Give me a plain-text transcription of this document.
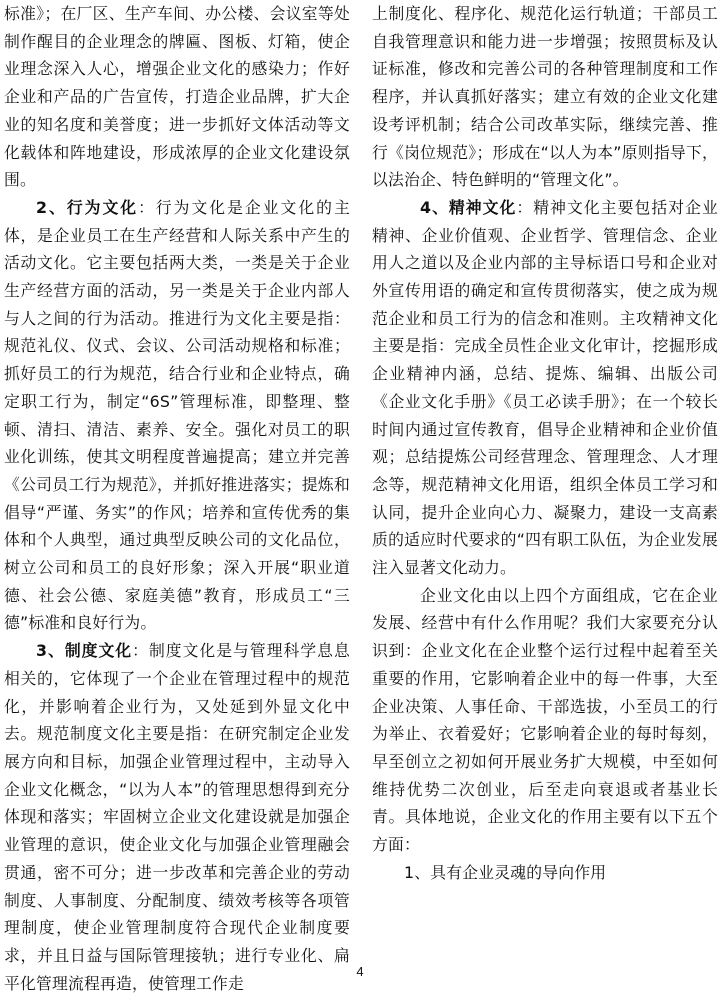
标准》；在厂区、生产车间、办公楼、会议室等处制作醒目的企业理念的牌匾、图板、灯箱，使企业理念深入人心，增强企业文化的感染力；作好企业和产品的广告宣传，打造企业品牌，扩大企业的知名度和美誉度；进一步抓好文体活动等文化载体和阵地建设，形成浓厚的企业文化建设氛围。

2、行为文化：行为文化是企业文化的主体，是企业员工在生产经营和人际关系中产生的活动文化。它主要包括两大类，一类是关于企业生产经营方面的活动，另一类是关于企业内部人与人之间的行为活动。推进行为文化主要是指：规范礼仪、仪式、会议、公司活动规格和标准；抓好员工的行为规范，结合行业和企业特点，确定职工行为，制定“6S”管理标准，即整理、整顿、清扫、清洁、素养、安全。强化对员工的职业化训练，使其文明程度普遍提高；建立并完善《公司员工行为规范》，并抓好推进落实；提炼和倡导“严谨、务实”的作风；培养和宣传优秀的集体和个人典型，通过典型反映公司的文化品位，树立公司和员工的良好形象；深入开展“职业道德、社会公德、家庭美德”教育，形成员工“三德”标准和良好行为。

3、制度文化：制度文化是与管理科学息息相关的，它体现了一个企业在管理过程中的规范化，并影响着企业行为，又处延到外显文化中去。规范制度文化主要是指：在研究制定企业发展方向和目标，加强企业管理过程中，主动导入企业文化概念，“以为人本”的管理思想得到充分体现和落实；牢固树立企业文化建设就是加强企业管理的意识，使企业文化与加强企业管理融会贯通，密不可分；进一步改革和完善企业的劳动制度、人事制度、分配制度、绩效考核等各项管理制度，使企业管理制度符合现代企业制度要求，并且日益与国际管理接轨；进行专业化、扁平化管理流程再造，使管理工作走

上制度化、程序化、规范化运行轨道；干部员工自我管理意识和能力进一步增强；按照贯标及认证标准，修改和完善公司的各种管理制度和工作程序，并认真抓好落实；建立有效的企业文化建设考评机制；结合公司改革实际，继续完善、推行《岗位规范》；形成在“以人为本”原则指导下，以法治企、特色鲜明的“管理文化”。

4、精神文化：精神文化主要包括对企业精神、企业价值观、企业哲学、管理信念、企业用人之道以及企业内部的主导标语口号和企业对外宣传用语的确定和宣传贯彻落实，使之成为规范企业和员工行为的信念和准则。主攻精神文化主要是指：完成全员性企业文化审计，挖掘形成企业精神内涵，总结、提炼、编辑、出版公司《企业文化手册》《员工必读手册》；在一个较长时间内通过宣传教育，倡导企业精神和企业价值观；总结提炼公司经营理念、管理理念、人才理念等，规范精神文化用语，组织全体员工学习和认同，提升企业向心力、凝聚力，建设一支高素质的适应时代要求的“四有职工队伍，为企业发展注入显著文化动力。

企业文化由以上四个方面组成，它在企业发展、经营中有什么作用呢？我们大家要充分认识到：企业文化在企业整个运行过程中起着至关重要的作用，它影响着企业中的每一件事，大至企业决策、人事任命、干部选拔，小至员工的行为举止、衣着爱好；它影响着企业的每时每刻，早至创立之初如何开展业务扩大规模，中至如何维持优势二次创业，后至走向衰退或者基业长青。具体地说，企业文化的作用主要有以下五个方面：

1、具有企业灵魂的导向作用

4
